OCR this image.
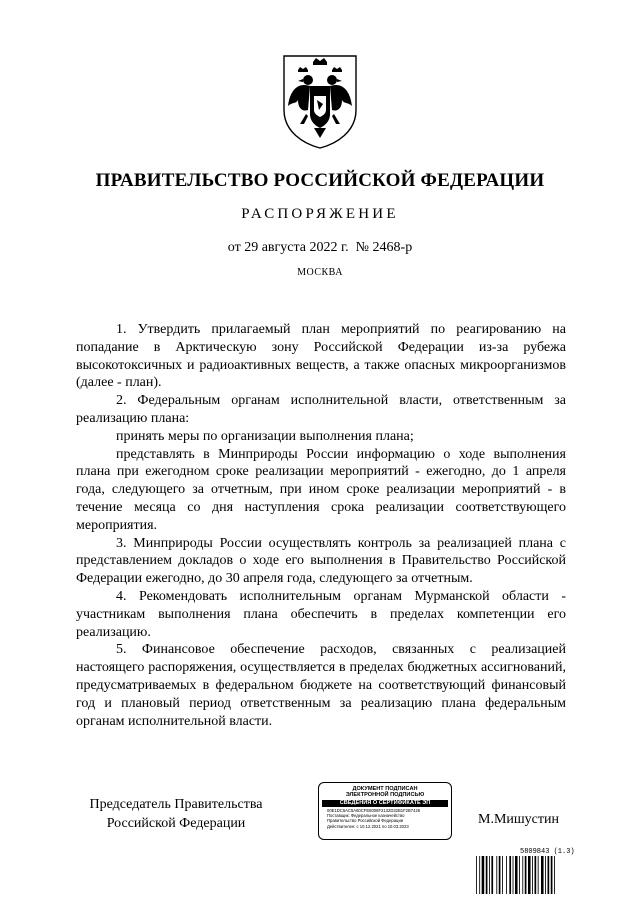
ПРАВИТЕЛЬСТВО РОССИЙСКОЙ ФЕДЕРАЦИИ
РАСПОРЯЖЕНИЕ
от 29 августа 2022 г. № 2468-р
МОСКВА

1. Утвердить прилагаемый план мероприятий по реагированию на попадание в Арктическую зону Российской Федерации из-за рубежа высокотоксичных и радиоактивных веществ, а также опасных микроорганизмов (далее - план).

2. Федеральным органам исполнительной власти, ответственным за реализацию плана:

принять меры по организации выполнения плана;

представлять в Минприроды России информацию о ходе выполнения плана при ежегодном сроке реализации мероприятий - ежегодно, до 1 апреля года, следующего за отчетным, при ином сроке реализации мероприятий - в течение месяца со дня наступления срока реализации соответствующего мероприятия.

3. Минприроды России осуществлять контроль за реализацией плана с представлением докладов о ходе его выполнения в Правительство Российской Федерации ежегодно, до 30 апреля года, следующего за отчетным.

4. Рекомендовать исполнительным органам Мурманской области - участникам выполнения плана обеспечить в пределах компетенции его реализацию.

5. Финансовое обеспечение расходов, связанных с реализацией настоящего распоряжения, осуществляется в пределах бюджетных ассигнований, предусматриваемых в федеральном бюджете на соответствующий финансовый год и плановый период ответственным за реализацию плана федеральным органам исполнительной власти.

Председатель Правительства
Российской Федерации
ДОКУМЕНТ ПОДПИСАН
ЭЛЕКТРОННОЙ ПОДПИСЬЮ
СВЕДЕНИЯ О СЕРТИФИКАТЕ ЭП
00E1DC5AC5A60CFE8008F2132D32B1F2B7426
Поставщик: Федеральное казначейство
Правительство Российской Федерации
Действителен: с 10.12.2021 по 10.03.2023	М.Мишустин
5809843 (1.3)
